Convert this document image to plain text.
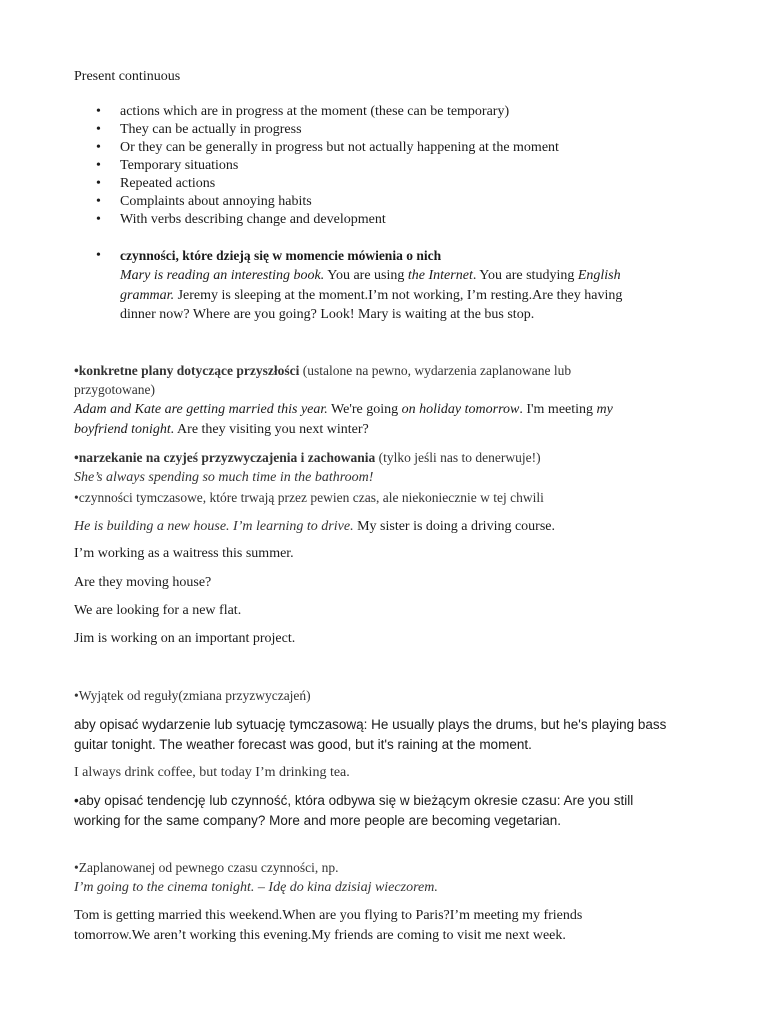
Present continuous
• actions which are in progress at the moment (these can be temporary)
• They can be actually in progress
• Or they can be generally in progress but not actually happening at the moment
• Temporary situations
• Repeated actions
• Complaints about annoying habits
• With verbs describing change and development
• czynności, które dzieją się w momencie mówienia o nich
Mary is reading an interesting book. You are using the Internet. You are studying English
grammar. Jeremy is sleeping at the moment.I’m not working, I’m resting.Are they having
dinner now? Where are you going? Look! Mary is waiting at the bus stop.
•konkretne plany dotyczące przyszłości (ustalone na pewno, wydarzenia zaplanowane lub
przygotowane)
Adam and Kate are getting married this year. We're going on holiday tomorrow. I'm meeting my
boyfriend tonight. Are they visiting you next winter?
•narzekanie na czyjeś przyzwyczajenia i zachowania (tylko jeśli nas to denerwuje!)
She’s always spending so much time in the bathroom!
•czynności tymczasowe, które trwają przez pewien czas, ale niekoniecznie w tej chwili
He is building a new house. I’m learning to drive. My sister is doing a driving course.
I’m working as a waitress this summer.
Are they moving house?
We are looking for a new flat.
Jim is working on an important project.
•Wyjątek od reguły(zmiana przyzwyczajeń)
aby opisać wydarzenie lub sytuację tymczasową: He usually plays the drums, but he's playing bass
guitar tonight. The weather forecast was good, but it's raining at the moment.
I always drink coffee, but today I’m drinking tea.
•aby opisać tendencję lub czynność, która odbywa się w bieżącym okresie czasu: Are you still
working for the same company? More and more people are becoming vegetarian.
•Zaplanowanej od pewnego czasu czynności, np.
I’m going to the cinema tonight. – Idę do kina dzisiaj wieczorem.
Tom is getting married this weekend.When are you flying to Paris?I’m meeting my friends
tomorrow.We aren’t working this evening.My friends are coming to visit me next week.
